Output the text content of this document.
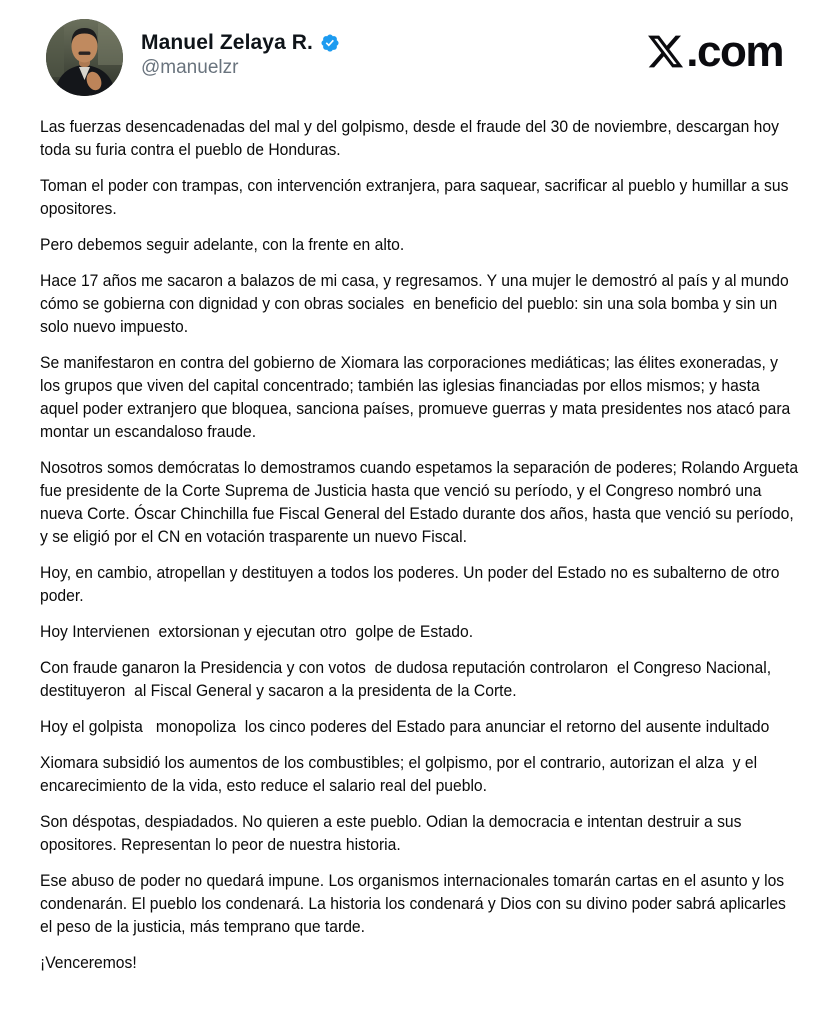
Manuel Zelaya R.
@manuelzr	.com

Las fuerzas desencadenadas del mal y del golpismo, desde el fraude del 30 de noviembre, descargan hoy toda su furia contra el pueblo de Honduras.

Toman el poder con trampas, con intervención extranjera, para saquear, sacrificar al pueblo y humillar a sus opositores.

Pero debemos seguir adelante, con la frente en alto.

Hace 17 años me sacaron a balazos de mi casa, y regresamos. Y una mujer le demostró al país y al mundo cómo se gobierna con dignidad y con obras sociales  en beneficio del pueblo: sin una sola bomba y sin un solo nuevo impuesto.

Se manifestaron en contra del gobierno de Xiomara las corporaciones mediáticas; las élites exoneradas, y los grupos que viven del capital concentrado; también las iglesias financiadas por ellos mismos; y hasta aquel poder extranjero que bloquea, sanciona países, promueve guerras y mata presidentes nos atacó para montar un escandaloso fraude.

Nosotros somos demócratas lo demostramos cuando espetamos la separación de poderes; Rolando Argueta fue presidente de la Corte Suprema de Justicia hasta que venció su período, y el Congreso nombró una nueva Corte. Óscar Chinchilla fue Fiscal General del Estado durante dos años, hasta que venció su período, y se eligió por el CN en votación trasparente un nuevo Fiscal.

Hoy, en cambio, atropellan y destituyen a todos los poderes. Un poder del Estado no es subalterno de otro poder.

Hoy Intervienen  extorsionan y ejecutan otro  golpe de Estado.

Con fraude ganaron la Presidencia y con votos  de dudosa reputación controlaron  el Congreso Nacional, destituyeron  al Fiscal General y sacaron a la presidenta de la Corte.

Hoy el golpista   monopoliza  los cinco poderes del Estado para anunciar el retorno del ausente indultado

Xiomara subsidió los aumentos de los combustibles; el golpismo, por el contrario, autorizan el alza  y el encarecimiento de la vida, esto reduce el salario real del pueblo.

Son déspotas, despiadados. No quieren a este pueblo. Odian la democracia e intentan destruir a sus opositores. Representan lo peor de nuestra historia.

Ese abuso de poder no quedará impune. Los organismos internacionales tomarán cartas en el asunto y los condenarán. El pueblo los condenará. La historia los condenará y Dios con su divino poder sabrá aplicarles el peso de la justicia, más temprano que tarde.

¡Venceremos!
